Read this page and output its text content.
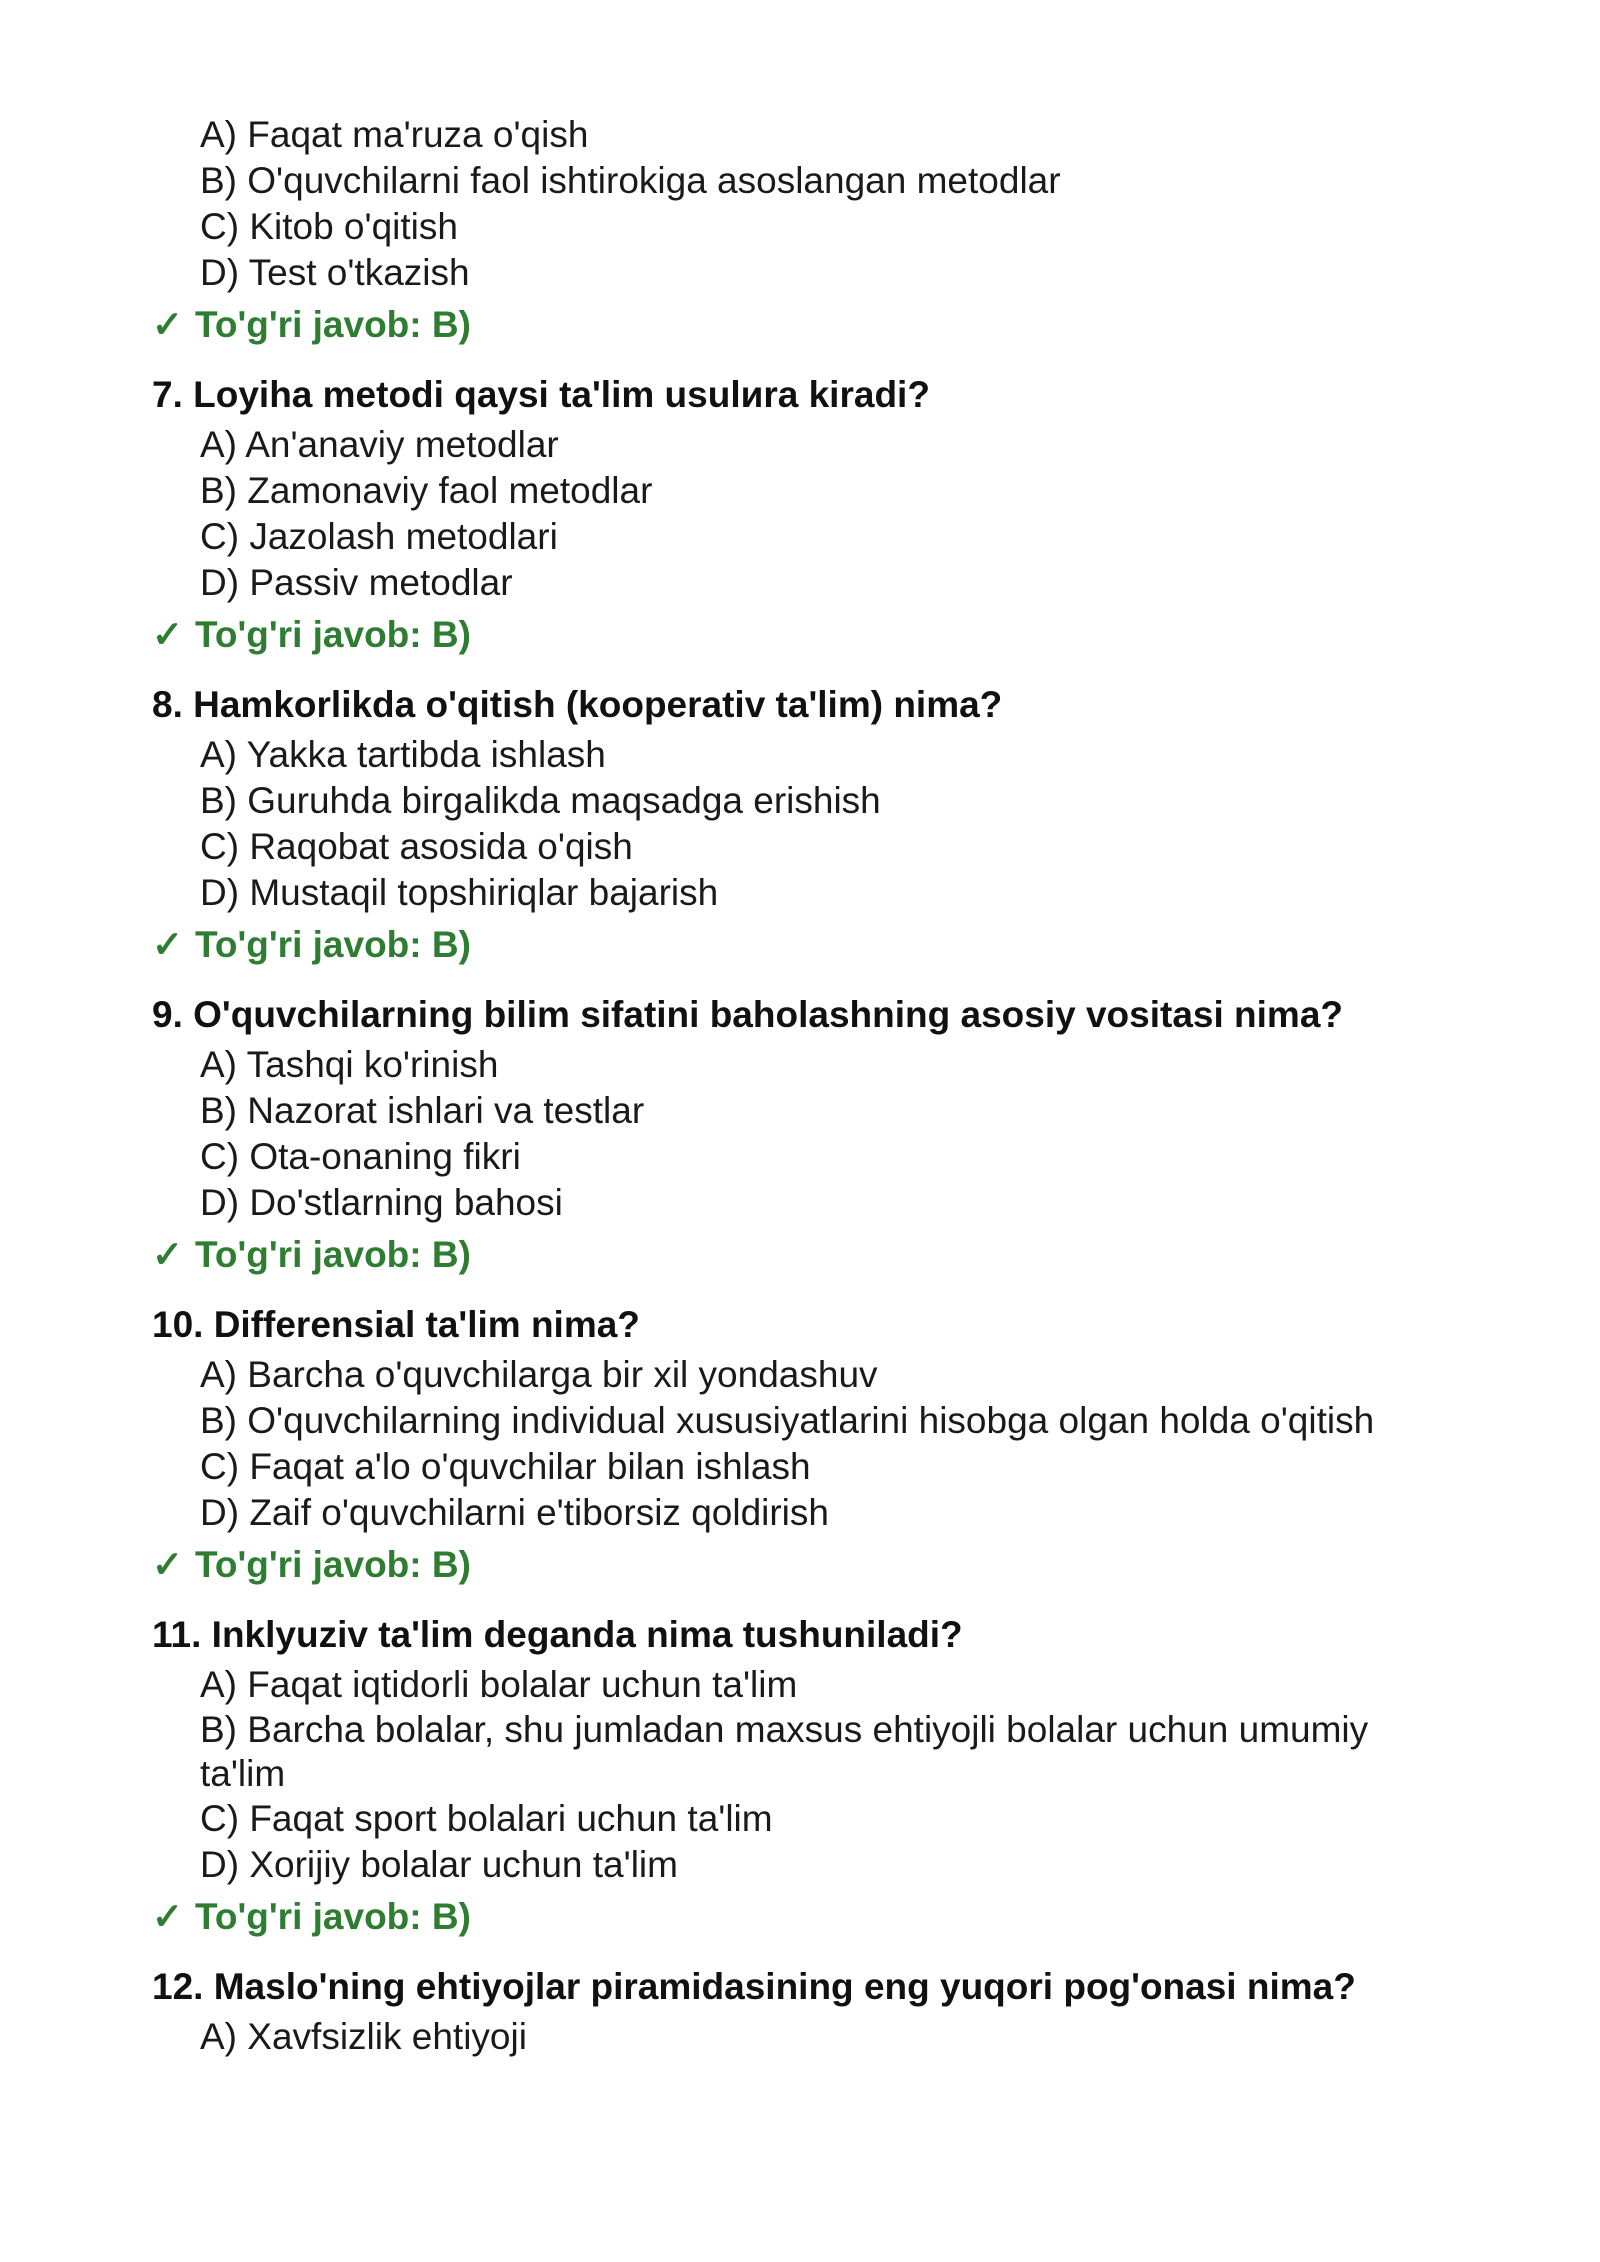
A) Faqat ma'ruza o'qish
B) O'quvchilarni faol ishtirokiga asoslangan metodlar
C) Kitob o'qitish
D) Test o'tkazish
✓ To'g'ri javob: B)
7. Loyiha metodi qaysi ta'lim usulиra kiradi?
A) An'anaviy metodlar
B) Zamonaviy faol metodlar
C) Jazolash metodlari
D) Passiv metodlar
✓ To'g'ri javob: B)
8. Hamkorlikda o'qitish (kooperativ ta'lim) nima?
A) Yakka tartibda ishlash
B) Guruhda birgalikda maqsadga erishish
C) Raqobat asosida o'qish
D) Mustaqil topshiriqlar bajarish
✓ To'g'ri javob: B)
9. O'quvchilarning bilim sifatini baholashning asosiy vositasi nima?
A) Tashqi ko'rinish
B) Nazorat ishlari va testlar
C) Ota-onaning fikri
D) Do'stlarning bahosi
✓ To'g'ri javob: B)
10. Differensial ta'lim nima?
A) Barcha o'quvchilarga bir xil yondashuv
B) O'quvchilarning individual xususiyatlarini hisobga olgan holda o'qitish
C) Faqat a'lo o'quvchilar bilan ishlash
D) Zaif o'quvchilarni e'tiborsiz qoldirish
✓ To'g'ri javob: B)
11. Inklyuziv ta'lim deganda nima tushuniladi?
A) Faqat iqtidorli bolalar uchun ta'lim
B) Barcha bolalar, shu jumladan maxsus ehtiyojli bolalar uchun umumiy ta'lim
C) Faqat sport bolalari uchun ta'lim
D) Xorijiy bolalar uchun ta'lim
✓ To'g'ri javob: B)
12. Maslo'ning ehtiyojlar piramidasining eng yuqori pog'onasi nima?
A) Xavfsizlik ehtiyoji
